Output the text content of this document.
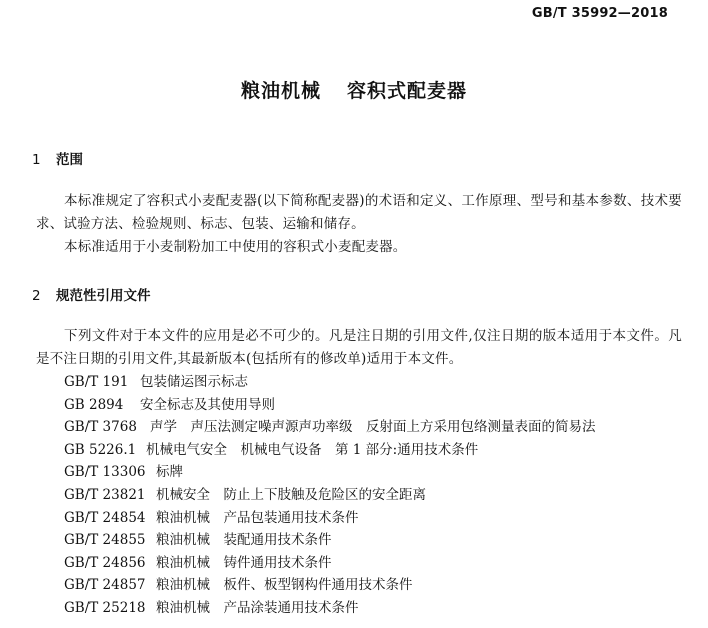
GB/T 35992—2018
粮油机械 容积式配麦器
1 范围

本标准规定了容积式小麦配麦器(以下简称配麦器)的术语和定义、工作原理、型号和基本参数、技术要求、试验方法、检验规则、标志、包装、运输和储存。

本标准适用于小麦制粉加工中使用的容积式小麦配麦器。

2 规范性引用文件

下列文件对于本文件的应用是必不可少的。凡是注日期的引用文件,仅注日期的版本适用于本文件。凡是不注日期的引用文件,其最新版本(包括所有的修改单)适用于本文件。

GB/T 191 包装储运图示标志
GB 2894 安全标志及其使用导则
GB/T 3768 声学　声压法测定噪声源声功率级　反射面上方采用包络测量表面的简易法
GB 5226.1 机械电气安全　机械电气设备　第 1 部分:通用技术条件
GB/T 13306 标牌
GB/T 23821 机械安全　防止上下肢触及危险区的安全距离
GB/T 24854 粮油机械　产品包装通用技术条件
GB/T 24855 粮油机械　装配通用技术条件
GB/T 24856 粮油机械　铸件通用技术条件
GB/T 24857 粮油机械　板件、板型钢构件通用技术条件
GB/T 25218 粮油机械　产品涂装通用技术条件
